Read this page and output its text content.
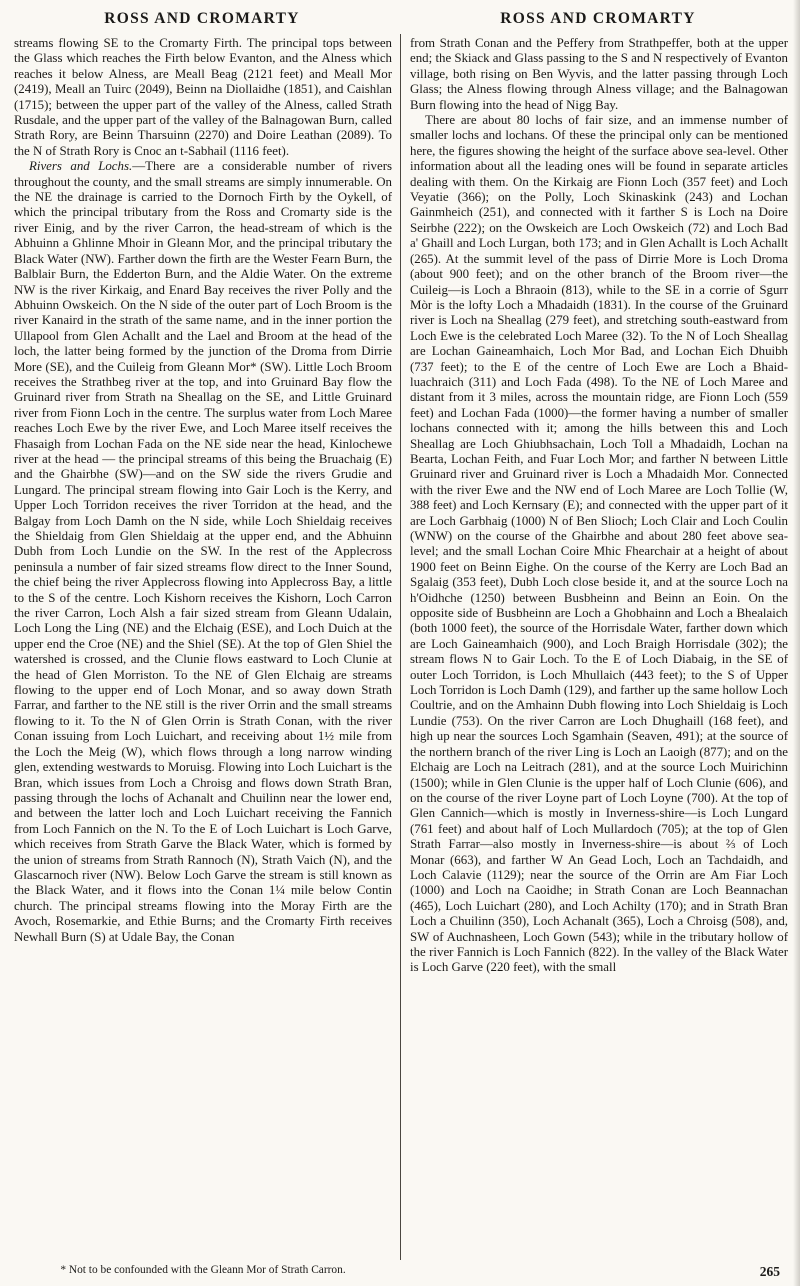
ROSS AND CROMARTY	ROSS AND CROMARTY

streams flowing SE to the Cromarty Firth. The principal tops between the Glass which reaches the Firth below Evanton, and the Alness which reaches it below Alness, are Meall Beag (2121 feet) and Meall Mor (2419), Meall an Tuirc (2049), Beinn na Diollaidhe (1851), and Caishlan (1715); between the upper part of the valley of the Alness, called Strath Rusdale, and the upper part of the valley of the Balnagowan Burn, called Strath Rory, are Beinn Tharsuinn (2270) and Doire Leathan (2089). To the N of Strath Rory is Cnoc an t-Sabhail (1116 feet).

Rivers and Lochs.—There are a considerable number of rivers throughout the county, and the small streams are simply innumerable. On the NE the drainage is carried to the Dornoch Firth by the Oykell, of which the principal tributary from the Ross and Cromarty side is the river Einig, and by the river Carron, the head-stream of which is the Abhuinn a Ghlinne Mhoir in Gleann Mor, and the principal tributary the Black Water (NW). Farther down the firth are the Wester Fearn Burn, the Balblair Burn, the Edderton Burn, and the Aldie Water. On the extreme NW is the river Kirkaig, and Enard Bay receives the river Polly and the Abhuinn Owskeich. On the N side of the outer part of Loch Broom is the river Kanaird in the strath of the same name, and in the inner portion the Ullapool from Glen Achallt and the Lael and Broom at the head of the loch, the latter being formed by the junction of the Droma from Dirrie More (SE), and the Cuileig from Gleann Mor* (SW). Little Loch Broom receives the Strathbeg river at the top, and into Gruinard Bay flow the Gruinard river from Strath na Sheallag on the SE, and Little Gruinard river from Fionn Loch in the centre. The surplus water from Loch Maree reaches Loch Ewe by the river Ewe, and Loch Maree itself receives the Fhasaigh from Lochan Fada on the NE side near the head, Kinlochewe river at the head — the principal streams of this being the Bruachaig (E) and the Ghairbhe (SW)—and on the SW side the rivers Grudie and Lungard. The principal stream flowing into Gair Loch is the Kerry, and Upper Loch Torridon receives the river Torridon at the head, and the Balgay from Loch Damh on the N side, while Loch Shieldaig receives the Shieldaig from Glen Shieldaig at the upper end, and the Abhuinn Dubh from Loch Lundie on the SW. In the rest of the Applecross peninsula a number of fair sized streams flow direct to the Inner Sound, the chief being the river Applecross flowing into Applecross Bay, a little to the S of the centre. Loch Kishorn receives the Kishorn, Loch Carron the river Carron, Loch Alsh a fair sized stream from Gleann Udalain, Loch Long the Ling (NE) and the Elchaig (ESE), and Loch Duich at the upper end the Croe (NE) and the Shiel (SE). At the top of Glen Shiel the watershed is crossed, and the Clunie flows eastward to Loch Clunie at the head of Glen Morriston. To the NE of Glen Elchaig are streams flowing to the upper end of Loch Monar, and so away down Strath Farrar, and farther to the NE still is the river Orrin and the small streams flowing to it. To the N of Glen Orrin is Strath Conan, with the river Conan issuing from Loch Luichart, and receiving about 1½ mile from the Loch the Meig (W), which flows through a long narrow winding glen, extending westwards to Moruisg. Flowing into Loch Luichart is the Bran, which issues from Loch a Chroisg and flows down Strath Bran, passing through the lochs of Achanalt and Chuilinn near the lower end, and between the latter loch and Loch Luichart receiving the Fannich from Loch Fannich on the N. To the E of Loch Luichart is Loch Garve, which receives from Strath Garve the Black Water, which is formed by the union of streams from Strath Rannoch (N), Strath Vaich (N), and the Glascarnoch river (NW). Below Loch Garve the stream is still known as the Black Water, and it flows into the Conan 1¼ mile below Contin church. The principal streams flowing into the Moray Firth are the Avoch, Rosemarkie, and Ethie Burns; and the Cromarty Firth receives Newhall Burn (S) at Udale Bay, the Conan

from Strath Conan and the Peffery from Strathpeffer, both at the upper end; the Skiack and Glass passing to the S and N respectively of Evanton village, both rising on Ben Wyvis, and the latter passing through Loch Glass; the Alness flowing through Alness village; and the Balnagowan Burn flowing into the head of Nigg Bay.

There are about 80 lochs of fair size, and an immense number of smaller lochs and lochans. Of these the principal only can be mentioned here, the figures showing the height of the surface above sea-level. Other information about all the leading ones will be found in separate articles dealing with them. On the Kirkaig are Fionn Loch (357 feet) and Loch Veyatie (366); on the Polly, Loch Skinaskink (243) and Lochan Gainmheich (251), and connected with it farther S is Loch na Doire Seirbhe (222); on the Owskeich are Loch Owskeich (72) and Loch Bad a' Ghaill and Loch Lurgan, both 173; and in Glen Achallt is Loch Achallt (265). At the summit level of the pass of Dirrie More is Loch Droma (about 900 feet); and on the other branch of the Broom river—the Cuileig—is Loch a Bhraoin (813), while to the SE in a corrie of Sgurr Mòr is the lofty Loch a Mhadaidh (1831). In the course of the Gruinard river is Loch na Sheallag (279 feet), and stretching south-eastward from Loch Ewe is the celebrated Loch Maree (32). To the N of Loch Sheallag are Lochan Gaineamhaich, Loch Mor Bad, and Lochan Eich Dhuibh (737 feet); to the E of the centre of Loch Ewe are Loch a Bhaid-luachraich (311) and Loch Fada (498). To the NE of Loch Maree and distant from it 3 miles, across the mountain ridge, are Fionn Loch (559 feet) and Lochan Fada (1000)—the former having a number of smaller lochans connected with it; among the hills between this and Loch Sheallag are Loch Ghiubhsachain, Loch Toll a Mhadaidh, Lochan na Bearta, Lochan Feith, and Fuar Loch Mor; and farther N between Little Gruinard river and Gruinard river is Loch a Mhadaidh Mor. Connected with the river Ewe and the NW end of Loch Maree are Loch Tollie (W, 388 feet) and Loch Kernsary (E); and connected with the upper part of it are Loch Garbhaig (1000) N of Ben Slioch; Loch Clair and Loch Coulin (WNW) on the course of the Ghairbhe and about 280 feet above sea-level; and the small Lochan Coire Mhic Fhearchair at a height of about 1900 feet on Beinn Eighe. On the course of the Kerry are Loch Bad an Sgalaig (353 feet), Dubh Loch close beside it, and at the source Loch na h'Oidhche (1250) between Busbheinn and Beinn an Eoin. On the opposite side of Busbheinn are Loch a Ghobhainn and Loch a Bhealaich (both 1000 feet), the source of the Horrisdale Water, farther down which are Loch Gaineamhaich (900), and Loch Braigh Horrisdale (302); the stream flows N to Gair Loch. To the E of Loch Diabaig, in the SE of outer Loch Torridon, is Loch Mhullaich (443 feet); to the S of Upper Loch Torridon is Loch Damh (129), and farther up the same hollow Loch Coultrie, and on the Amhainn Dubh flowing into Loch Shieldaig is Loch Lundie (753). On the river Carron are Loch Dhughaill (168 feet), and high up near the sources Loch Sgamhain (Seaven, 491); at the source of the northern branch of the river Ling is Loch an Laoigh (877); and on the Elchaig are Loch na Leitrach (281), and at the source Loch Muirichinn (1500); while in Glen Clunie is the upper half of Loch Clunie (606), and on the course of the river Loyne part of Loch Loyne (700). At the top of Glen Cannich—which is mostly in Inverness-shire—is Loch Lungard (761 feet) and about half of Loch Mullardoch (705); at the top of Glen Strath Farrar—also mostly in Inverness-shire—is about ⅔ of Loch Monar (663), and farther W An Gead Loch, Loch an Tachdaidh, and Loch Calavie (1129); near the source of the Orrin are Am Fiar Loch (1000) and Loch na Caoidhe; in Strath Conan are Loch Beannachan (465), Loch Luichart (280), and Loch Achilty (170); and in Strath Bran Loch a Chuilinn (350), Loch Achanalt (365), Loch a Chroisg (508), and, SW of Auchnasheen, Loch Gown (543); while in the tributary hollow of the river Fannich is Loch Fannich (822). In the valley of the Black Water is Loch Garve (220 feet), with the small

* Not to be confounded with the Gleann Mor of Strath Carron.	265
